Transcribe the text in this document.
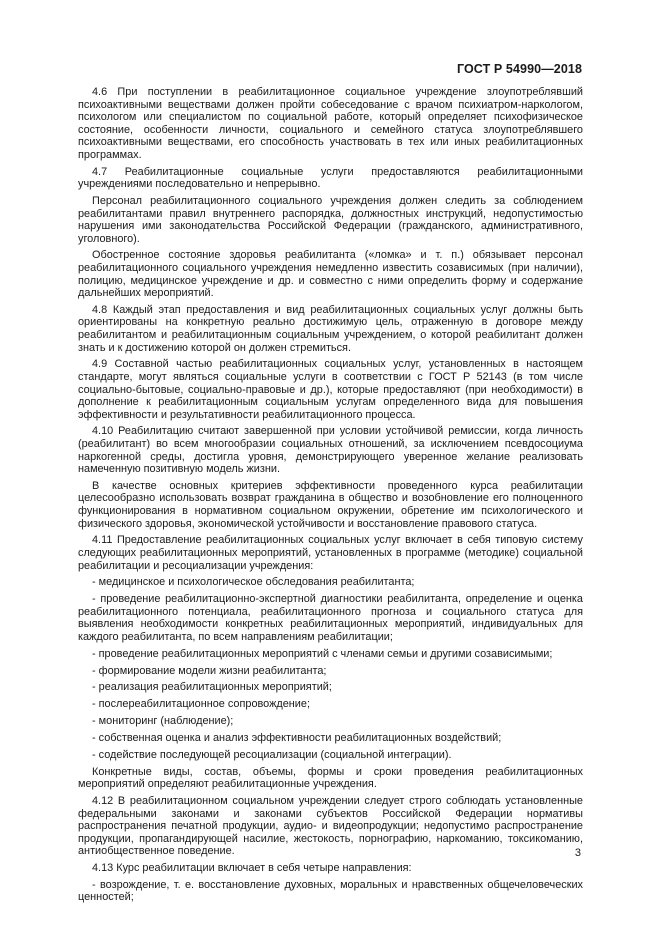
ГОСТ Р 54990—2018

4.6 При поступлении в реабилитационное социальное учреждение злоупотреблявший психоактивными веществами должен пройти собеседование с врачом психиатром-наркологом, психологом или специалистом по социальной работе, который определяет психофизическое состояние, особенности личности, социального и семейного статуса злоупотреблявшего психоактивными веществами, его способность участвовать в тех или иных реабилитационных программах.

4.7 Реабилитационные социальные услуги предоставляются реабилитационными учреждениями последовательно и непрерывно.

Персонал реабилитационного социального учреждения должен следить за соблюдением реабилитантами правил внутреннего распорядка, должностных инструкций, недопустимостью нарушения ими законодательства Российской Федерации (гражданского, административного, уголовного).

Обостренное состояние здоровья реабилитанта («ломка» и т. п.) обязывает персонал реабилитационного социального учреждения немедленно известить созависимых (при наличии), полицию, медицинское учреждение и др. и совместно с ними определить форму и содержание дальнейших мероприятий.

4.8 Каждый этап предоставления и вид реабилитационных социальных услуг должны быть ориентированы на конкретную реально достижимую цель, отраженную в договоре между реабилитантом и реабилитационным социальным учреждением, о которой реабилитант должен знать и к достижению которой он должен стремиться.

4.9 Составной частью реабилитационных социальных услуг, установленных в настоящем стандарте, могут являться социальные услуги в соответствии с ГОСТ Р 52143 (в том числе социально-бытовые, социально-правовые и др.), которые предоставляют (при необходимости) в дополнение к реабилитационным социальным услугам определенного вида для повышения эффективности и результативности реабилитационного процесса.

4.10 Реабилитацию считают завершенной при условии устойчивой ремиссии, когда личность (реабилитант) во всем многообразии социальных отношений, за исключением псевдосоциума наркогенной среды, достигла уровня, демонстрирующего уверенное желание реализовать намеченную позитивную модель жизни.

В качестве основных критериев эффективности проведенного курса реабилитации целесообразно использовать возврат гражданина в общество и возобновление его полноценного функционирования в нормативном социальном окружении, обретение им психологического и физического здоровья, экономической устойчивости и восстановление правового статуса.

4.11 Предоставление реабилитационных социальных услуг включает в себя типовую систему следующих реабилитационных мероприятий, установленных в программе (методике) социальной реабилитации и ресоциализации учреждения:

- медицинское и психологическое обследования реабилитанта;

- проведение реабилитационно-экспертной диагностики реабилитанта, определение и оценка реабилитационного потенциала, реабилитационного прогноза и социального статуса для выявления необходимости конкретных реабилитационных мероприятий, индивидуальных для каждого реабилитанта, по всем направлениям реабилитации;

- проведение реабилитационных мероприятий с членами семьи и другими созависимыми;

- формирование модели жизни реабилитанта;

- реализация реабилитационных мероприятий;

- послереабилитационное сопровождение;

- мониторинг (наблюдение);

- собственная оценка и анализ эффективности реабилитационных воздействий;

- содействие последующей ресоциализации (социальной интеграции).

Конкретные виды, состав, объемы, формы и сроки проведения реабилитационных мероприятий определяют реабилитационные учреждения.

4.12 В реабилитационном социальном учреждении следует строго соблюдать установленные федеральными законами и законами субъектов Российской Федерации нормативы распространения печатной продукции, аудио- и видеопродукции; недопустимо распространение продукции, пропагандирующей насилие, жестокость, порнографию, наркоманию, токсикоманию, антиобщественное поведение.

4.13 Курс реабилитации включает в себя четыре направления:

- возрождение, т. е. восстановление духовных, моральных и нравственных общечеловеческих ценностей;

3
